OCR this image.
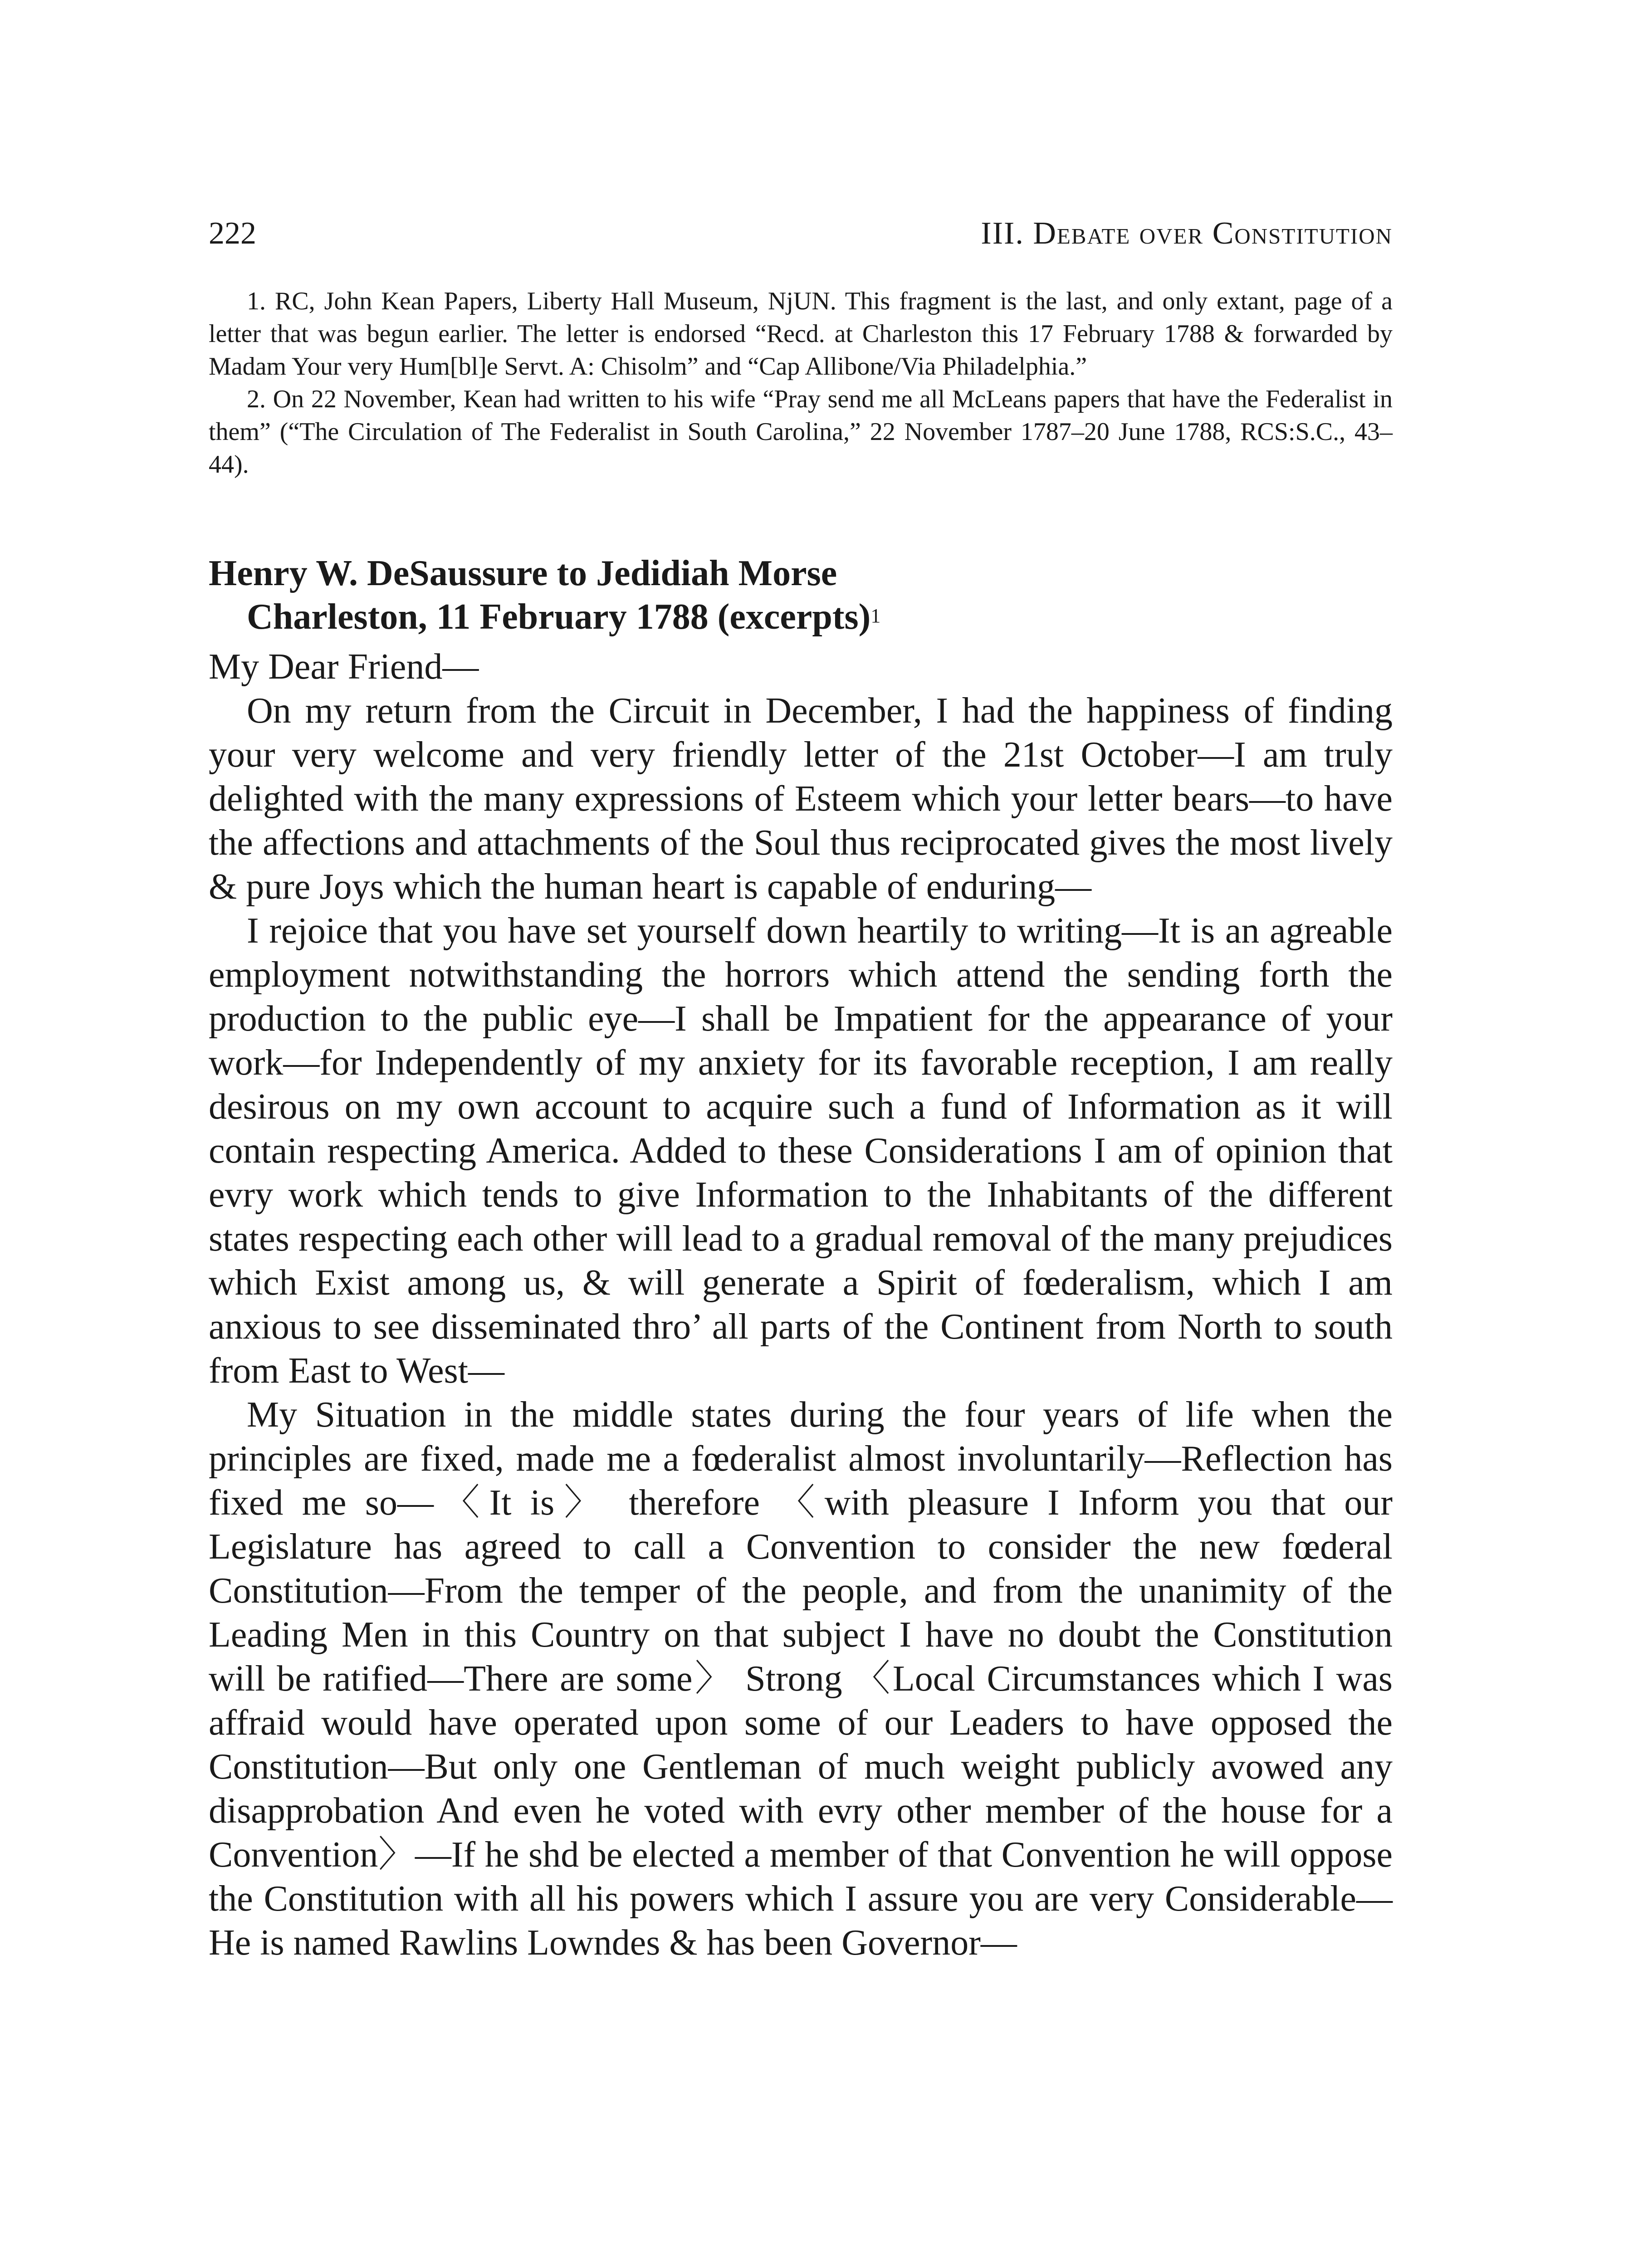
222	III. Debate over Constitution

1. RC, John Kean Papers, Liberty Hall Museum, NjUN. This fragment is the last, and only extant, page of a letter that was begun earlier. The letter is endorsed “Recd. at Charleston this 17 February 1788 & forwarded by Madam Your very Hum[bl]e Servt. A: Chisolm” and “Cap Allibone/Via Philadelphia.”

2. On 22 November, Kean had written to his wife “Pray send me all McLeans papers that have the Federalist in them” (“The Circulation of The Federalist in South Carolina,” 22 November 1787–20 June 1788, RCS:S.C., 43–44).

Henry W. DeSaussure to Jedidiah Morse
Charleston, 11 February 1788 (excerpts)$^1$

My Dear Friend—

On my return from the Circuit in December, I had the happiness of finding your very welcome and very friendly letter of the 21st October—I am truly delighted with the many expressions of Esteem which your letter bears—to have the affections and attachments of the Soul thus reciprocated gives the most lively & pure Joys which the human heart is capable of enduring—

I rejoice that you have set yourself down heartily to writing—It is an agreable employment notwithstanding the horrors which attend the sending forth the production to the public eye—I shall be Impatient for the appearance of your work—for Independently of my anxiety for its favorable reception, I am really desirous on my own account to acquire such a fund of Information as it will contain respecting America. Added to these Considerations I am of opinion that evry work which tends to give Information to the Inhabitants of the different states respecting each other will lead to a gradual removal of the many prejudices which Exist among us, & will generate a Spirit of fœderalism, which I am anxious to see disseminated thro’ all parts of the Continent from North to south from East to West—

My Situation in the middle states during the four years of life when the principles are fixed, made me a fœderalist almost involuntarily—Reflection has fixed me so—〈It is〉 therefore 〈with pleasure I Inform you that our Legislature has agreed to call a Convention to consider the new fœderal Constitution—From the temper of the people, and from the unanimity of the Leading Men in this Country on that subject I have no doubt the Constitution will be ratified—There are some〉 Strong 〈Local Circumstances which I was affraid would have operated upon some of our Leaders to have opposed the Constitution—But only one Gentleman of much weight publicly avowed any disapprobation And even he voted with evry other member of the house for a Convention〉—If he shd be elected a member of that Convention he will oppose the Constitution with all his powers which I assure you are very Considerable—He is named Rawlins Lowndes & has been Governor—
